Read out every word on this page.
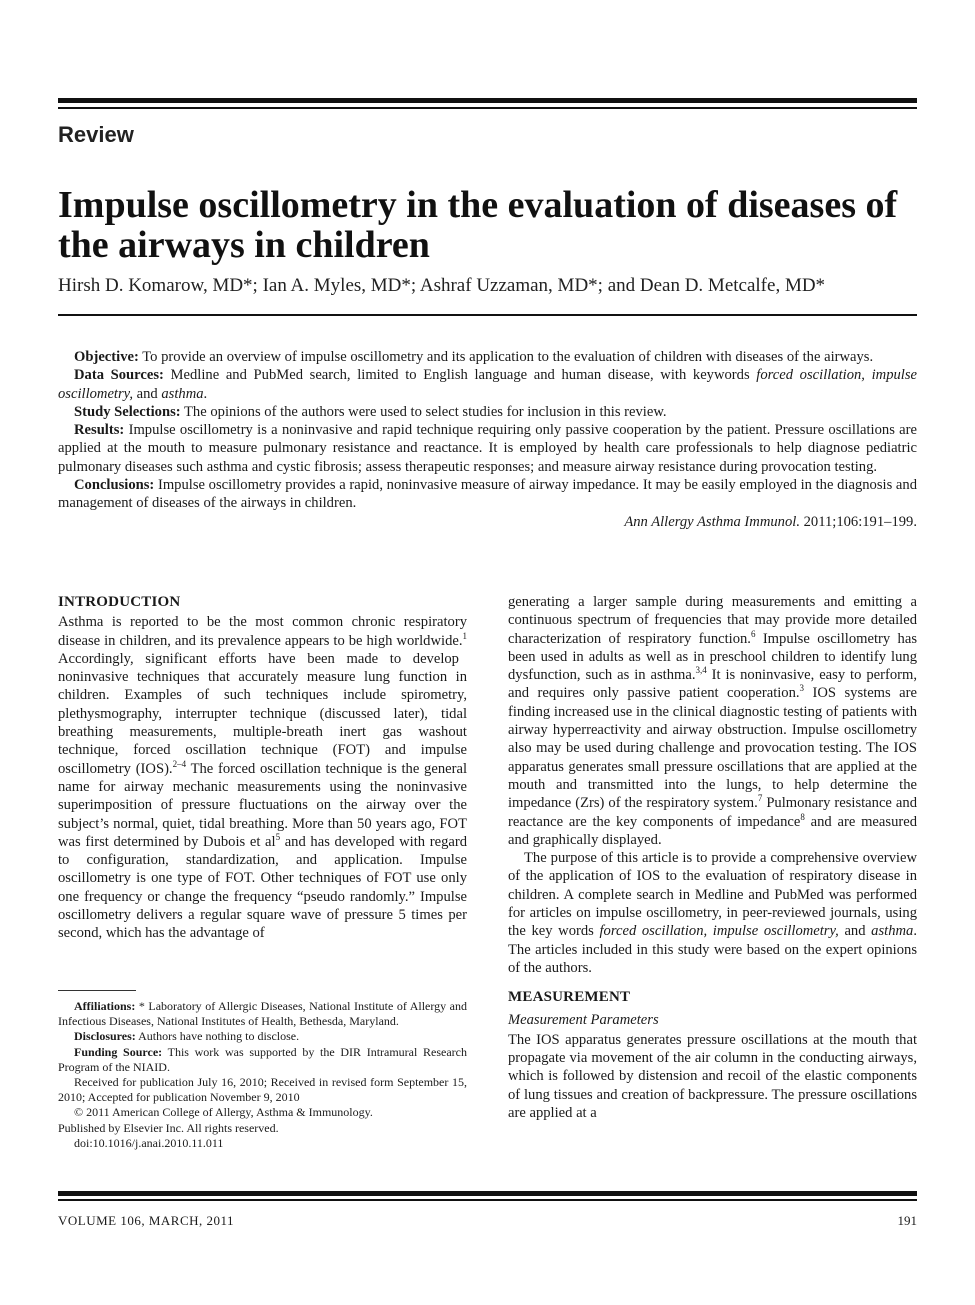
Review
Impulse oscillometry in the evaluation of diseases of the airways in children
Hirsh D. Komarow, MD*; Ian A. Myles, MD*; Ashraf Uzzaman, MD*; and Dean D. Metcalfe, MD*

Objective: To provide an overview of impulse oscillometry and its application to the evaluation of children with diseases of the airways.

Data Sources: Medline and PubMed search, limited to English language and human disease, with keywords forced oscillation, impulse oscillometry, and asthma.

Study Selections: The opinions of the authors were used to select studies for inclusion in this review.

Results: Impulse oscillometry is a noninvasive and rapid technique requiring only passive cooperation by the patient. Pressure oscillations are applied at the mouth to measure pulmonary resistance and reactance. It is employed by health care professionals to help diagnose pediatric pulmonary diseases such asthma and cystic fibrosis; assess therapeutic responses; and measure airway resistance during provocation testing.

Conclusions: Impulse oscillometry provides a rapid, noninvasive measure of airway impedance. It may be easily employed in the diagnosis and management of diseases of the airways in children.

Ann Allergy Asthma Immunol. 2011;106:191–199.
INTRODUCTION

Asthma is reported to be the most common chronic respiratory disease in children, and its prevalence appears to be high worldwide.$^1$ Accordingly, significant efforts have been made to develop noninvasive techniques that accurately measure lung function in children. Examples of such techniques include spirometry, plethysmography, interrupter technique (discussed later), tidal breathing measurements, multiple-breath inert gas washout technique, forced oscillation technique (FOT) and impulse oscillometry (IOS).$^{2-4}$ The forced oscillation technique is the general name for airway mechanic measurements using the noninvasive superimposition of pressure fluctuations on the airway over the subject’s normal, quiet, tidal breathing. More than 50 years ago, FOT was first determined by Dubois et $al^5$ and has developed with regard to configuration, standardization, and application. Impulse oscillometry is one type of FOT. Other techniques of FOT use only one frequency or change the frequency “pseudo randomly.” Impulse oscillometry delivers a regular square wave of pressure 5 times per second, which has the advantage of

Affiliations: * Laboratory of Allergic Diseases, National Institute of Allergy and Infectious Diseases, National Institutes of Health, Bethesda, Maryland.

Disclosures: Authors have nothing to disclose.

Funding Source: This work was supported by the DIR Intramural Research Program of the NIAID.

Received for publication July 16, 2010; Received in revised form September 15, 2010; Accepted for publication November 9, 2010

© 2011 American College of Allergy, Asthma & Immunology.

Published by Elsevier Inc. All rights reserved.

doi:10.1016/j.anai.2010.11.011

generating a larger sample during measurements and emitting a continuous spectrum of frequencies that may provide more detailed characterization of respiratory function.$^6$ Impulse oscillometry has been used in adults as well as in preschool children to identify lung dysfunction, such as in asthma.$^{3,4}$ It is noninvasive, easy to perform, and requires only passive patient cooperation.$^3$ IOS systems are finding increased use in the clinical diagnostic testing of patients with airway hyperreactivity and airway obstruction. Impulse oscillometry also may be used during challenge and provocation testing. The IOS apparatus generates small pressure oscillations that are applied at the mouth and transmitted into the lungs, to help determine the impedance (Zrs) of the respiratory system.$^7$ Pulmonary resistance and reactance are the key components of impedance$^8$ and are measured and graphically displayed.

The purpose of this article is to provide a comprehensive overview of the application of IOS to the evaluation of respiratory disease in children. A complete search in Medline and PubMed was performed for articles on impulse oscillometry, in peer-reviewed journals, using the key words forced oscillation, impulse oscillometry, and asthma. The articles included in this study were based on the expert opinions of the authors.

MEASUREMENT
Measurement Parameters

The IOS apparatus generates pressure oscillations at the mouth that propagate via movement of the air column in the conducting airways, which is followed by distension and recoil of the elastic components of lung tissues and creation of backpressure. The pressure oscillations are applied at a

VOLUME 106, MARCH, 2011	191
